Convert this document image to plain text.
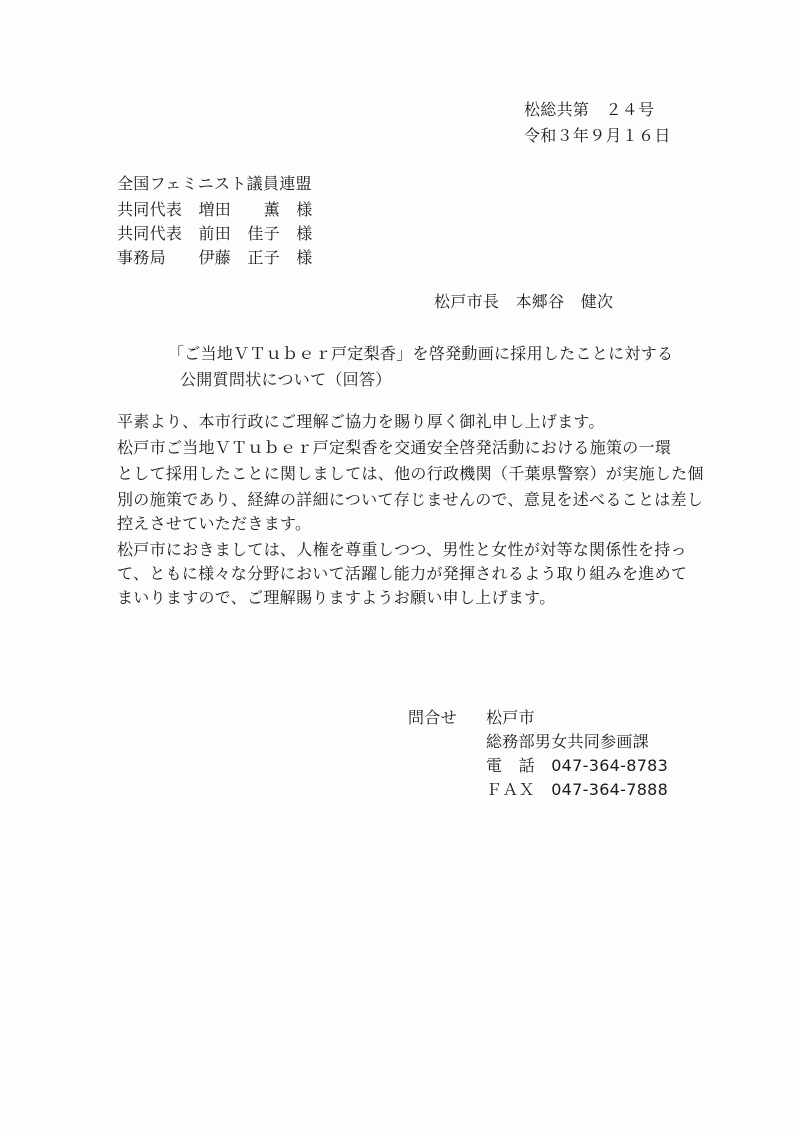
松総共第　２４号
令和３年９月１６日
全国フェミニスト議員連盟
共同代表　増田　　薫　様
共同代表　前田　佳子　様
事務局　　伊藤　正子　様
松戸市長　本郷谷　健次
「ご当地ＶＴｕｂｅｒ戸定梨香」を啓発動画に採用したことに対する
公開質問状について（回答）
平素より、本市行政にご理解ご協力を賜り厚く御礼申し上げます。
松戸市ご当地ＶＴｕｂｅｒ戸定梨香を交通安全啓発活動における施策の一環
として採用したことに関しましては、他の行政機関（千葉県警察）が実施した個
別の施策であり、経緯の詳細について存じませんので、意見を述べることは差し
控えさせていただきます。
松戸市におきましては、人権を尊重しつつ、男性と女性が対等な関係性を持っ
て、ともに様々な分野において活躍し能力が発揮されるよう取り組みを進めて
まいりますので、ご理解賜りますようお願い申し上げます。
問合せ 松戸市
総務部男女共同参画課
電　話　047-364-8783
ＦＡＸ　047-364-7888
